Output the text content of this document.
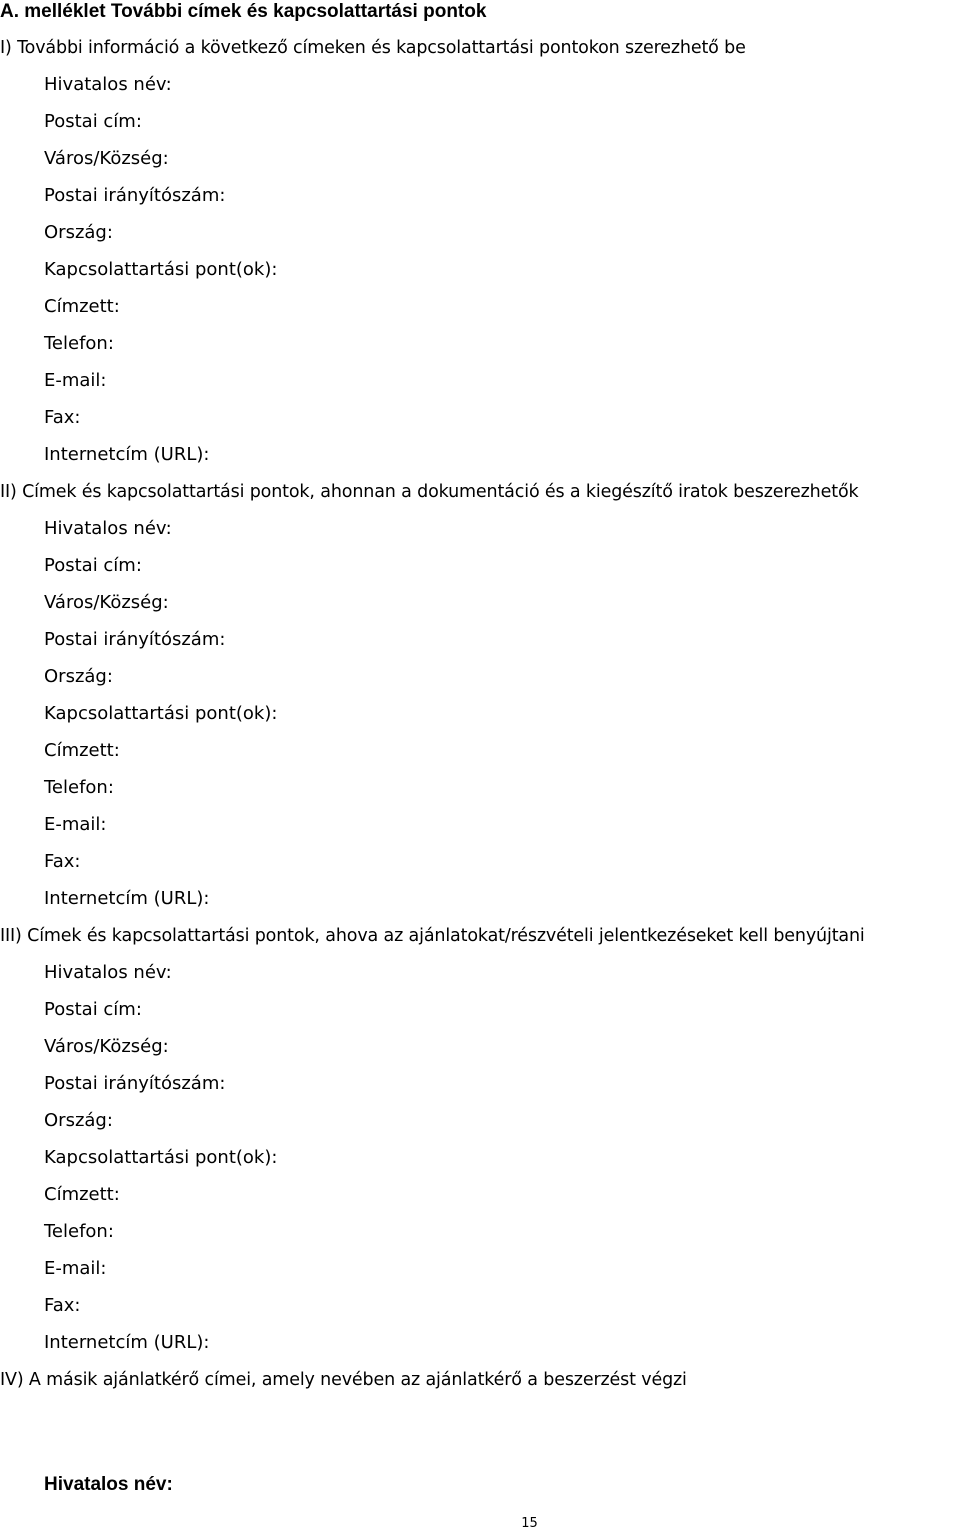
A. melléklet További címek és kapcsolattartási pontok
I) További információ a következő címeken és kapcsolattartási pontokon szerezhető be
Hivatalos név:
Postai cím:
Város/Község:
Postai irányítószám:
Ország:
Kapcsolattartási pont(ok):
Címzett:
Telefon:
E-mail:
Fax:
Internetcím (URL):
II) Címek és kapcsolattartási pontok, ahonnan a dokumentáció és a kiegészítő iratok beszerezhetők
Hivatalos név:
Postai cím:
Város/Község:
Postai irányítószám:
Ország:
Kapcsolattartási pont(ok):
Címzett:
Telefon:
E-mail:
Fax:
Internetcím (URL):
III) Címek és kapcsolattartási pontok, ahova az ajánlatokat/részvételi jelentkezéseket kell benyújtani
Hivatalos név:
Postai cím:
Város/Község:
Postai irányítószám:
Ország:
Kapcsolattartási pont(ok):
Címzett:
Telefon:
E-mail:
Fax:
Internetcím (URL):
IV) A másik ajánlatkérő címei, amely nevében az ajánlatkérő a beszerzést végzi
Hivatalos név:
15
